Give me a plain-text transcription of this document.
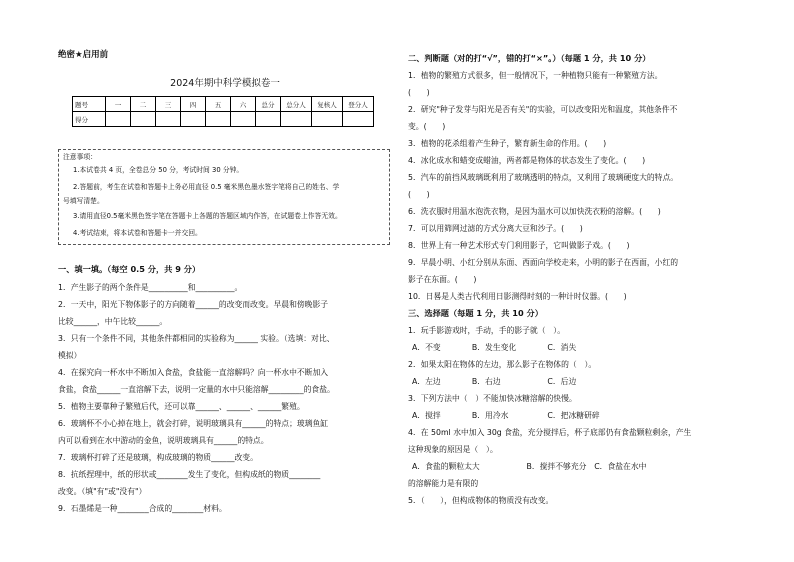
绝密★启用前
2024年期中科学模拟卷一
题号	一	二	三	四	五	六	总分	总分人	复核人	登分人
得分										
注意事项：
1.本试卷共 4 页，全卷总分 50 分，考试时间 30 分钟。
2.答题前，考生在试卷和答题卡上务必用直径 0.5 毫米黑色墨水签字笔将自己的姓名、学
号填写清楚。
3.请用直径0.5毫米黑色签字笔在答题卡上各题的答题区域内作答，在试题卷上作答无效。
4.考试结束，将本试卷和答题卡一并交回。
一、填一填。（每空 0.5 分，共 9 分）
1．产生影子的两个条件是__________和__________。
2．一天中，阳光下物体影子的方向随着______的改变而改变。早晨和傍晚影子
比较______，中午比较______。
3．只有一个条件不同，其他条件都相同的实验称为______ 实验。（选填：对比、
模拟）
4．在探究向一杯水中不断加入食盐，食盐能一直溶解吗？向一杯水中不断加入
食盐，食盐______一直溶解下去，说明一定量的水中只能溶解_________的食盐。
5．植物主要靠种子繁殖后代，还可以靠______、______、______繁殖。
6．玻璃杯不小心掉在地上，就会打碎，说明玻璃具有______的特点；玻璃鱼缸
内可以看到在水中游动的金鱼，说明玻璃具有______的特点。
7．玻璃杯打碎了还是玻璃，构成玻璃的物质______改变。
8．抗纸捏理中，纸的形状或________发生了变化，但构成纸的物质________
改变。（填"有"或"没有"）
9．石墨烯是一种________合成的________材料。
二、判断题（对的打“√”，错的打“×”。）（每题 1 分，共 10 分）
1．植物的繁殖方式很多，但一般情况下，一种植物只能有一种繁殖方法。
(　　)
2．研究"种子发芽与阳光是否有关"的实验，可以改变阳光和温度，其他条件不
变。(　　)
3．植物的花杀组着产生种子，繁育新生命的作用。(　　)
4．冰化成水和蜡变成蜡油，两者都是物体的状态发生了变化。(　　)
5．汽车的前挡风玻璃既利用了玻璃透明的特点，又利用了玻璃硬度大的特点。
(　　)
6．洗衣服时用温水泡洗衣物，是因为温水可以加快洗衣粉的溶解。(　　)
7．可以用筛网过滤的方式分离大豆和沙子。(　　)
8．世界上有一种艺术形式专门利用影子，它叫做影子戏。(　　)
9．早晨小明、小红分别从东面、西面向学校走来，小明的影子在西面，小红的
影子在东面。(　　)
10．日晷是人类古代利用日影测得时刻的一种计时仪器。(　　)
三、选择题（每题 1 分，共 10 分）
1．玩手影游戏时，手动，手的影子就（　）。
A．不变　　　　B．发生变化　　　　C．消失
2．如果太阳在物体的左边，那么影子在物体的（　）。
A．左边　　　　B．右边　　　　　　C．后边
3．下列方法中（　）不能加快冰糖溶解的快慢。
A．搅拌　　　　B．用冷水　　　　　C．把冰糖研碎
4．在 50ml 水中加入 30g 食盐，充分搅拌后，杯子底部仍有食盐颗粒剩余，产生
这种现象的原因是（　）。
A．食盐的颗粒太大　　　　　　B．搅拌不够充分　C．食盐在水中
的溶解能力是有限的
5．（　　），但构成物体的物质没有改变。
